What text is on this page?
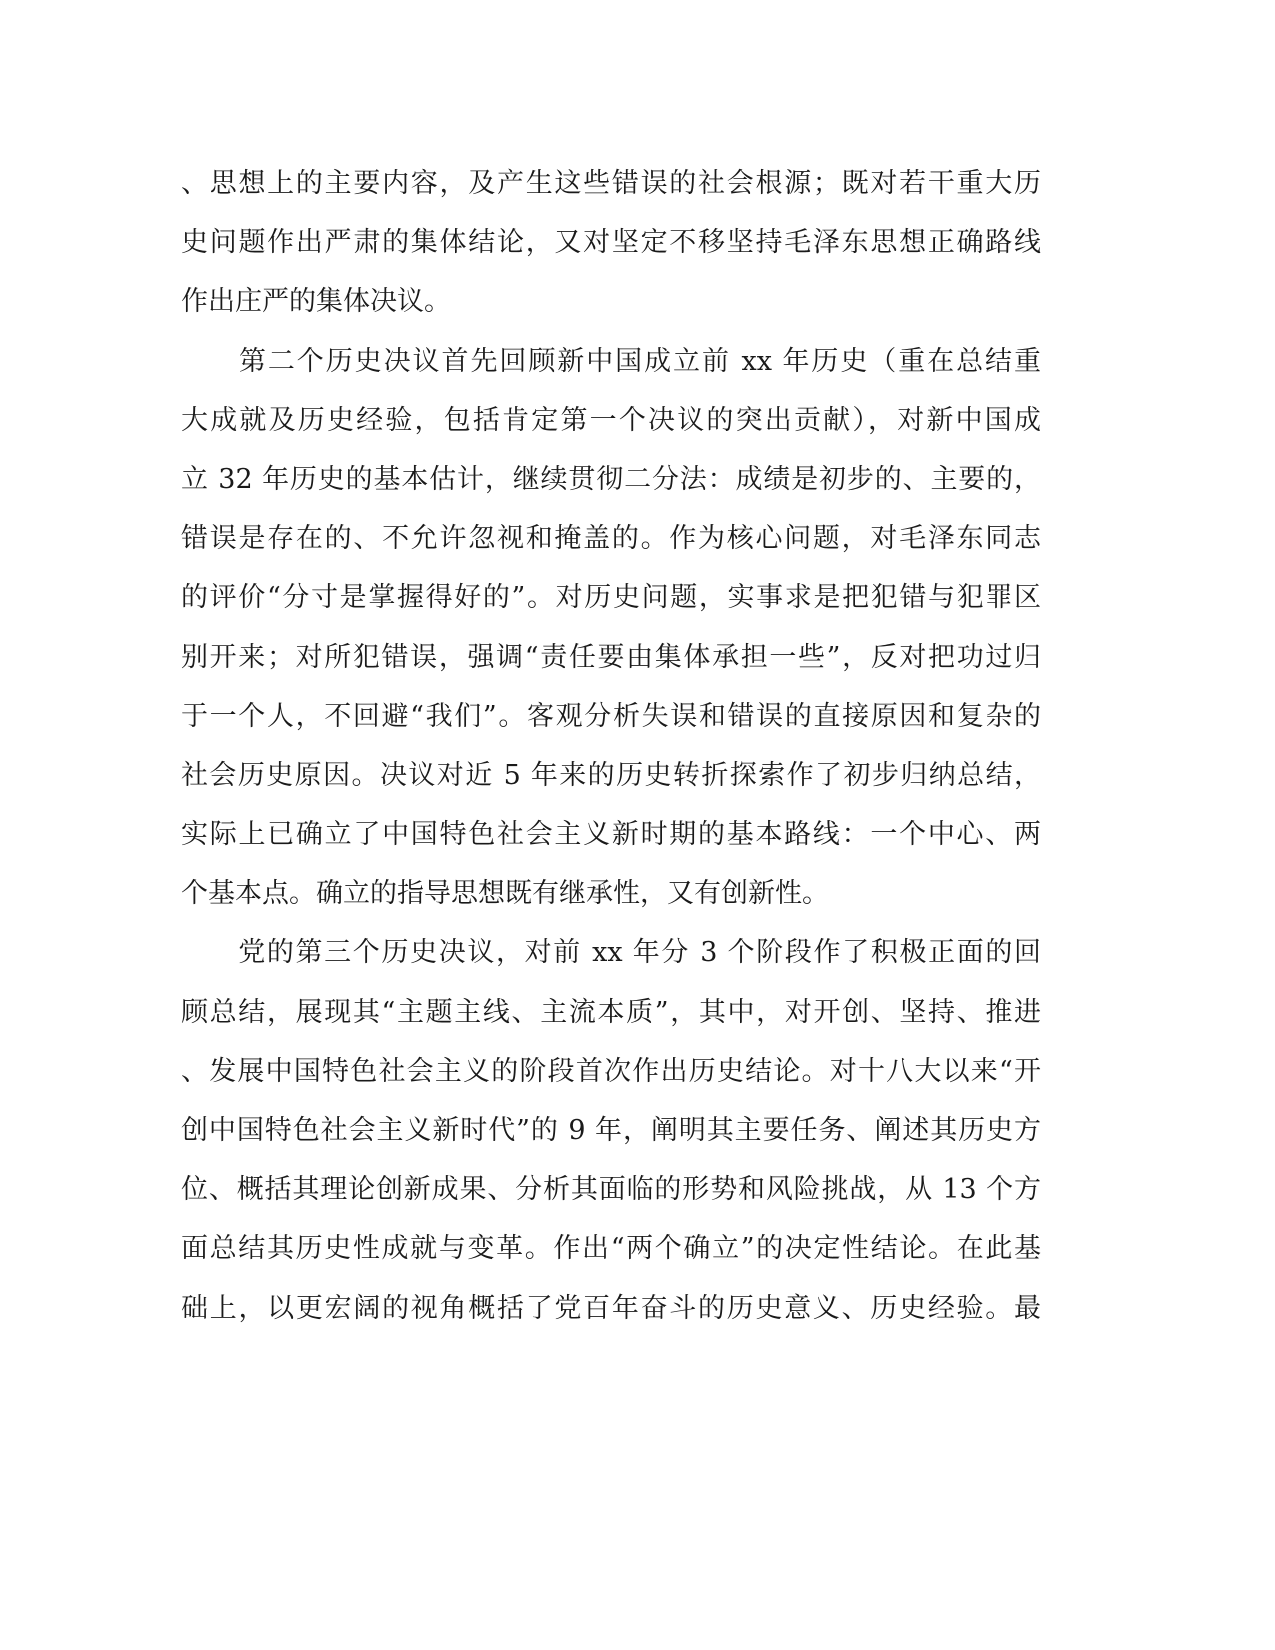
、思想上的主要内容，及产生这些错误的社会根源；既对若干重大历
史问题作出严肃的集体结论，又对坚定不移坚持毛泽东思想正确路线
作出庄严的集体决议。
　　第二个历史决议首先回顾新中国成立前 xx 年历史（重在总结重
大成就及历史经验，包括肯定第一个决议的突出贡献），对新中国成
立 32 年历史的基本估计，继续贯彻二分法：成绩是初步的、主要的，
错误是存在的、不允许忽视和掩盖的。作为核心问题，对毛泽东同志
的评价“分寸是掌握得好的”。对历史问题，实事求是把犯错与犯罪区
别开来；对所犯错误，强调“责任要由集体承担一些”，反对把功过归
于一个人，不回避“我们”。客观分析失误和错误的直接原因和复杂的
社会历史原因。决议对近 5 年来的历史转折探索作了初步归纳总结，
实际上已确立了中国特色社会主义新时期的基本路线：一个中心、两
个基本点。确立的指导思想既有继承性，又有创新性。
　　党的第三个历史决议，对前 xx 年分 3 个阶段作了积极正面的回
顾总结，展现其“主题主线、主流本质”，其中，对开创、坚持、推进
、发展中国特色社会主义的阶段首次作出历史结论。对十八大以来“开
创中国特色社会主义新时代”的 9 年，阐明其主要任务、阐述其历史方
位、概括其理论创新成果、分析其面临的形势和风险挑战，从 13 个方
面总结其历史性成就与变革。作出“两个确立”的决定性结论。在此基
础上，以更宏阔的视角概括了党百年奋斗的历史意义、历史经验。最
